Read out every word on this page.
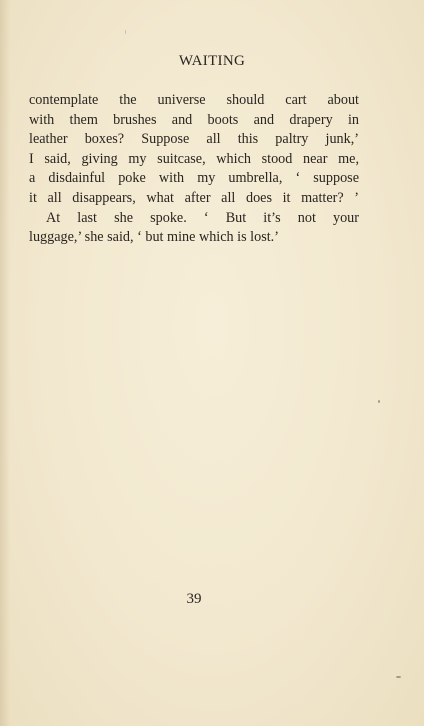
WAITING
contemplate the universe should cart about
with them brushes and boots and drapery in
leather boxes? Suppose all this paltry junk,’
I said, giving my suitcase, which stood near me,
a disdainful poke with my umbrella, ‘ suppose
it all disappears, what after all does it matter? ’
At last she spoke. ‘ But it’s not your
luggage,’ she said, ‘ but mine which is lost.’
39
